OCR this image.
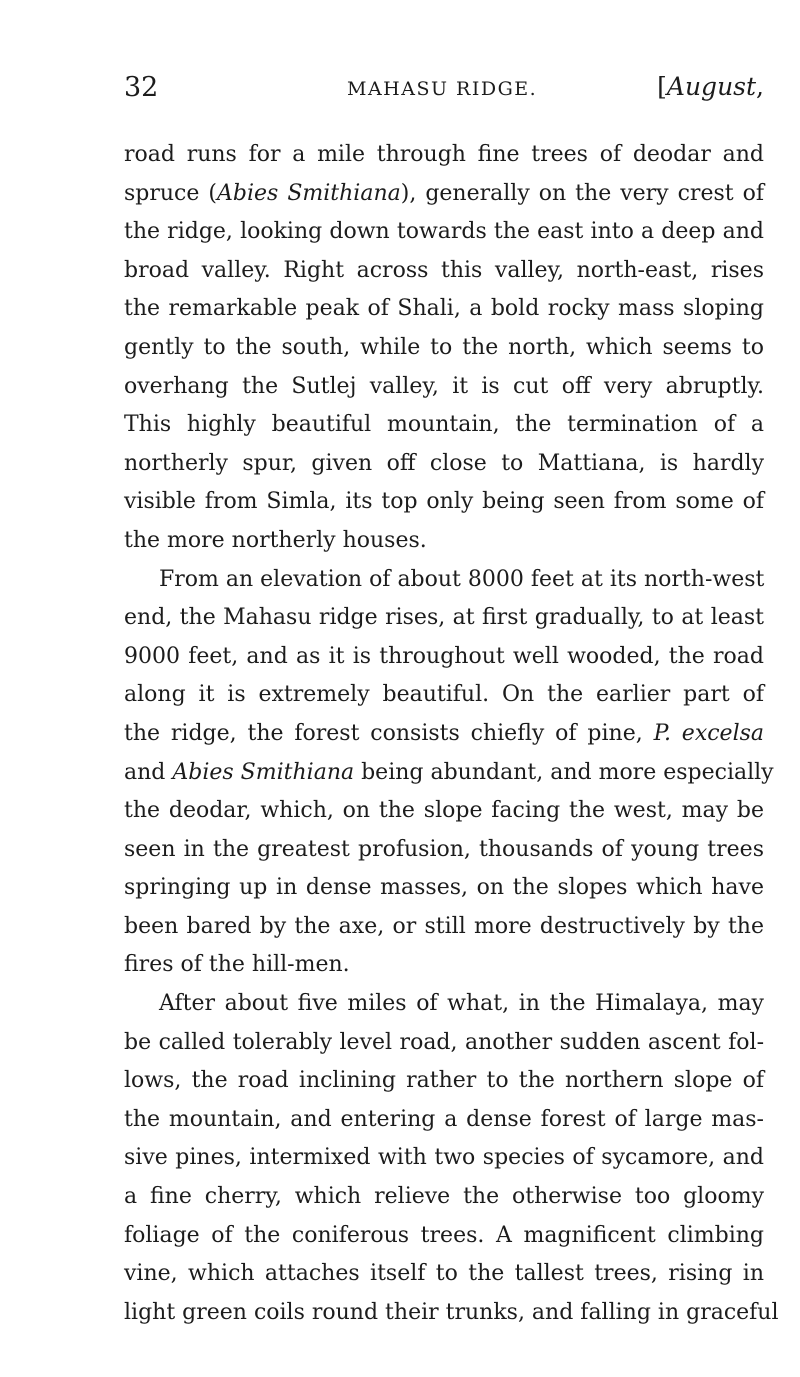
32	MAHASU RIDGE.	[August,
road runs for a mile through fine trees of deodar and
spruce (Abies Smithiana), generally on the very crest of
the ridge, looking down towards the east into a deep and
broad valley. Right across this valley, north-east, rises
the remarkable peak of Shali, a bold rocky mass sloping
gently to the south, while to the north, which seems to
overhang the Sutlej valley, it is cut off very abruptly.
This highly beautiful mountain, the termination of a
northerly spur, given off close to Mattiana, is hardly
visible from Simla, its top only being seen from some of
the more northerly houses.
From an elevation of about 8000 feet at its north-west
end, the Mahasu ridge rises, at first gradually, to at least
9000 feet, and as it is throughout well wooded, the road
along it is extremely beautiful. On the earlier part of
the ridge, the forest consists chiefly of pine, P. excelsa
and Abies Smithiana being abundant, and more especially
the deodar, which, on the slope facing the west, may be
seen in the greatest profusion, thousands of young trees
springing up in dense masses, on the slopes which have
been bared by the axe, or still more destructively by the
fires of the hill-men.
After about five miles of what, in the Himalaya, may
be called tolerably level road, another sudden ascent fol-
lows, the road inclining rather to the northern slope of
the mountain, and entering a dense forest of large mas-
sive pines, intermixed with two species of sycamore, and
a fine cherry, which relieve the otherwise too gloomy
foliage of the coniferous trees. A magnificent climbing
vine, which attaches itself to the tallest trees, rising in
light green coils round their trunks, and falling in graceful
